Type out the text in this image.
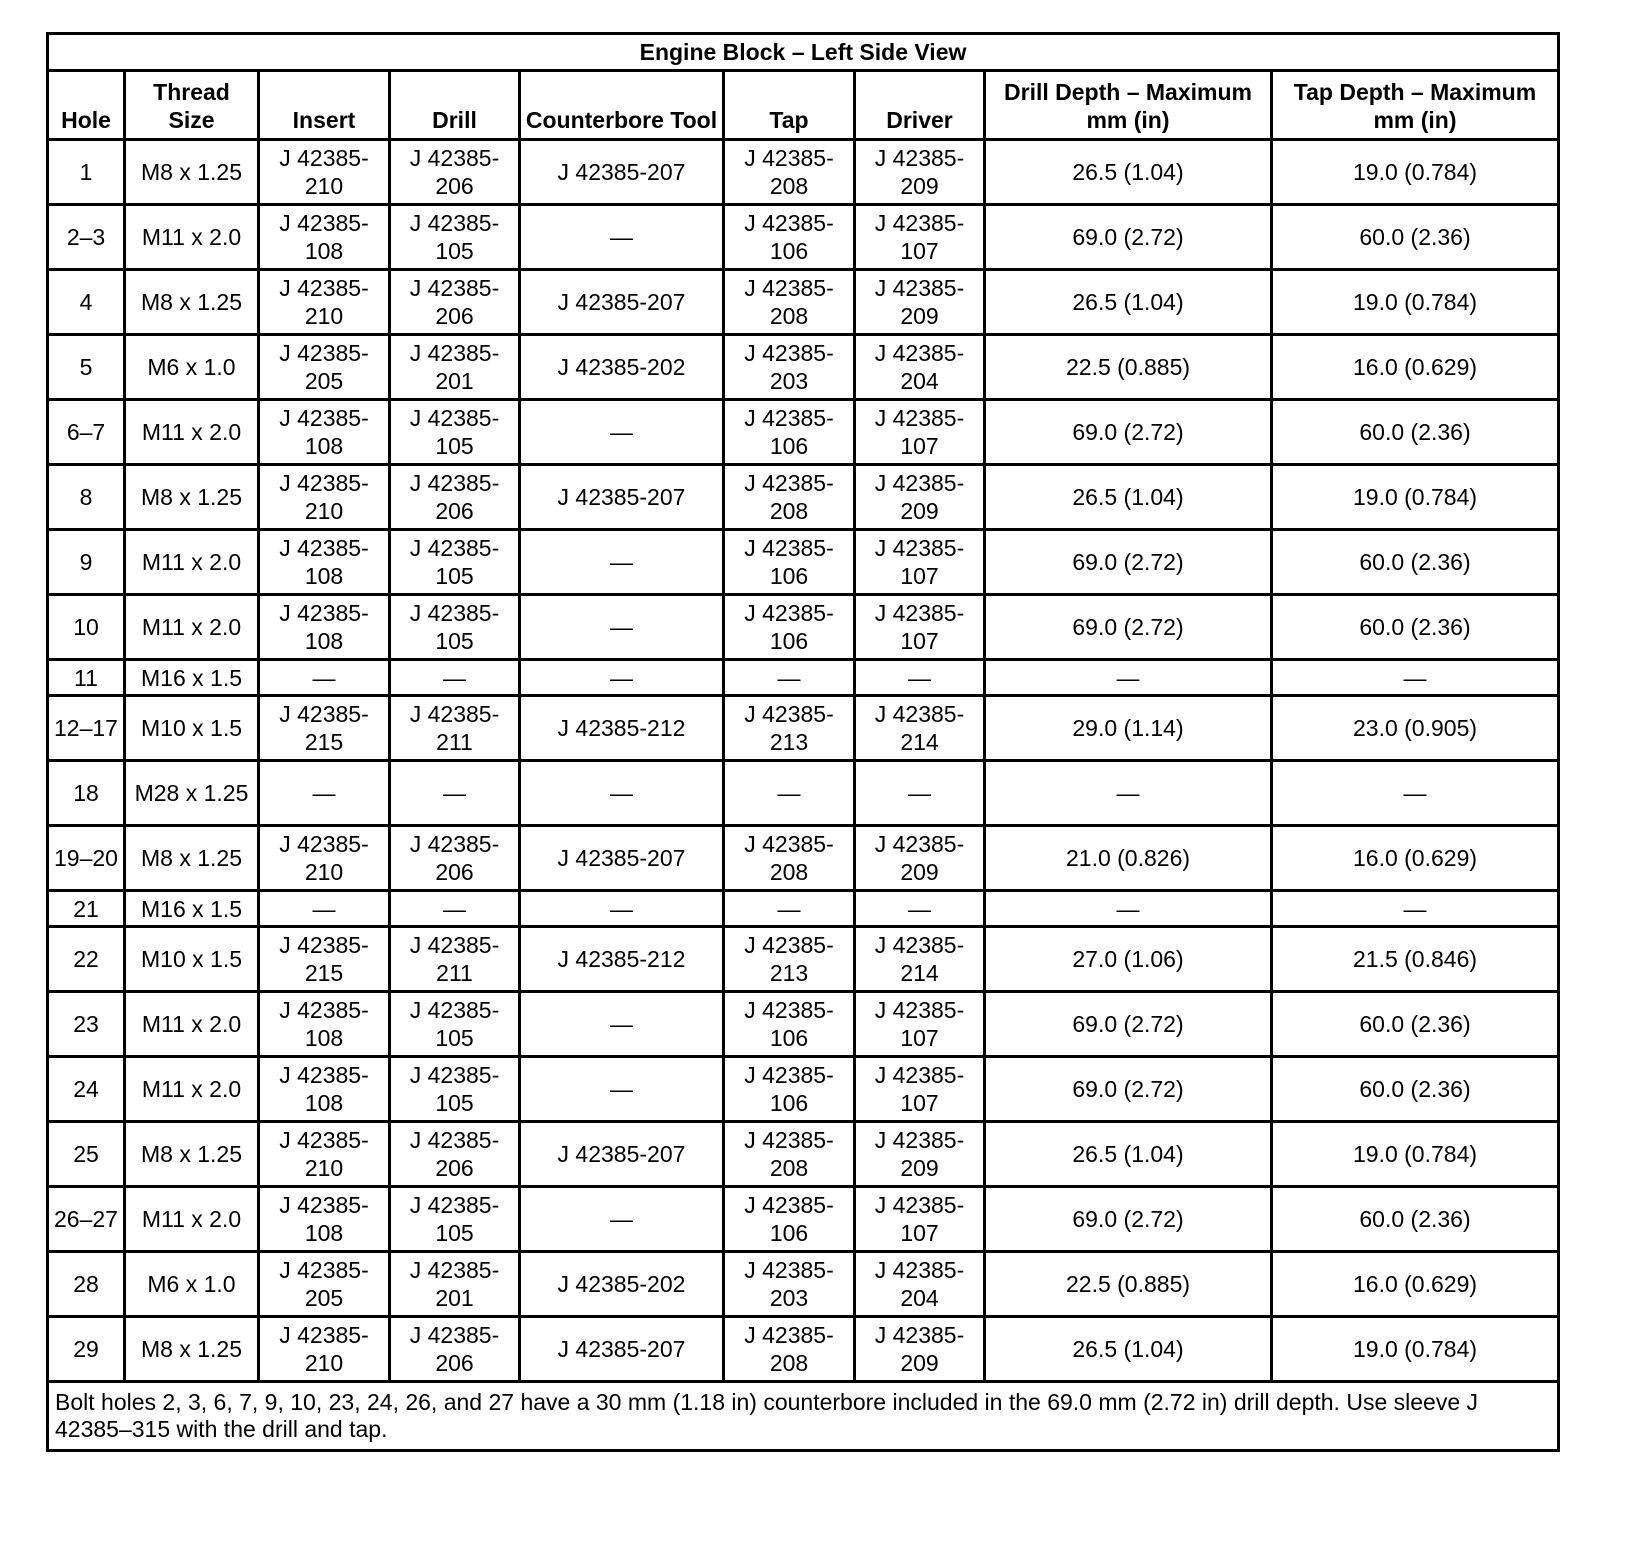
Engine Block – Left Side View								
Hole	Thread Size	Insert	Drill	Counterbore Tool	Tap	Driver	Drill Depth – Maximum mm (in)	Tap Depth – Maximum mm (in)
1	M8 x 1.25	J 42385-210	J 42385-206	J 42385-207	J 42385-208	J 42385-209	26.5 (1.04)	19.0 (0.784)
2–3	M11 x 2.0	J 42385-108	J 42385-105	—	J 42385-106	J 42385-107	69.0 (2.72)	60.0 (2.36)
4	M8 x 1.25	J 42385-210	J 42385-206	J 42385-207	J 42385-208	J 42385-209	26.5 (1.04)	19.0 (0.784)
5	M6 x 1.0	J 42385-205	J 42385-201	J 42385-202	J 42385-203	J 42385-204	22.5 (0.885)	16.0 (0.629)
6–7	M11 x 2.0	J 42385-108	J 42385-105	—	J 42385-106	J 42385-107	69.0 (2.72)	60.0 (2.36)
8	M8 x 1.25	J 42385-210	J 42385-206	J 42385-207	J 42385-208	J 42385-209	26.5 (1.04)	19.0 (0.784)
9	M11 x 2.0	J 42385-108	J 42385-105	—	J 42385-106	J 42385-107	69.0 (2.72)	60.0 (2.36)
10	M11 x 2.0	J 42385-108	J 42385-105	—	J 42385-106	J 42385-107	69.0 (2.72)	60.0 (2.36)
11	M16 x 1.5	—	—	—	—	—	—	—
12–17	M10 x 1.5	J 42385-215	J 42385-211	J 42385-212	J 42385-213	J 42385-214	29.0 (1.14)	23.0 (0.905)
18	M28 x 1.25	—	—	—	—	—	—	—
19–20	M8 x 1.25	J 42385-210	J 42385-206	J 42385-207	J 42385-208	J 42385-209	21.0 (0.826)	16.0 (0.629)
21	M16 x 1.5	—	—	—	—	—	—	—
22	M10 x 1.5	J 42385-215	J 42385-211	J 42385-212	J 42385-213	J 42385-214	27.0 (1.06)	21.5 (0.846)
23	M11 x 2.0	J 42385-108	J 42385-105	—	J 42385-106	J 42385-107	69.0 (2.72)	60.0 (2.36)
24	M11 x 2.0	J 42385-108	J 42385-105	—	J 42385-106	J 42385-107	69.0 (2.72)	60.0 (2.36)
25	M8 x 1.25	J 42385-210	J 42385-206	J 42385-207	J 42385-208	J 42385-209	26.5 (1.04)	19.0 (0.784)
26–27	M11 x 2.0	J 42385-108	J 42385-105	—	J 42385-106	J 42385-107	69.0 (2.72)	60.0 (2.36)
28	M6 x 1.0	J 42385-205	J 42385-201	J 42385-202	J 42385-203	J 42385-204	22.5 (0.885)	16.0 (0.629)
29	M8 x 1.25	J 42385-210	J 42385-206	J 42385-207	J 42385-208	J 42385-209	26.5 (1.04)	19.0 (0.784)
Bolt holes 2, 3, 6, 7, 9, 10, 23, 24, 26, and 27 have a 30 mm (1.18 in) counterbore included in the 69.0 mm (2.72 in) drill depth. Use sleeve J 42385–315 with the drill and tap.								
